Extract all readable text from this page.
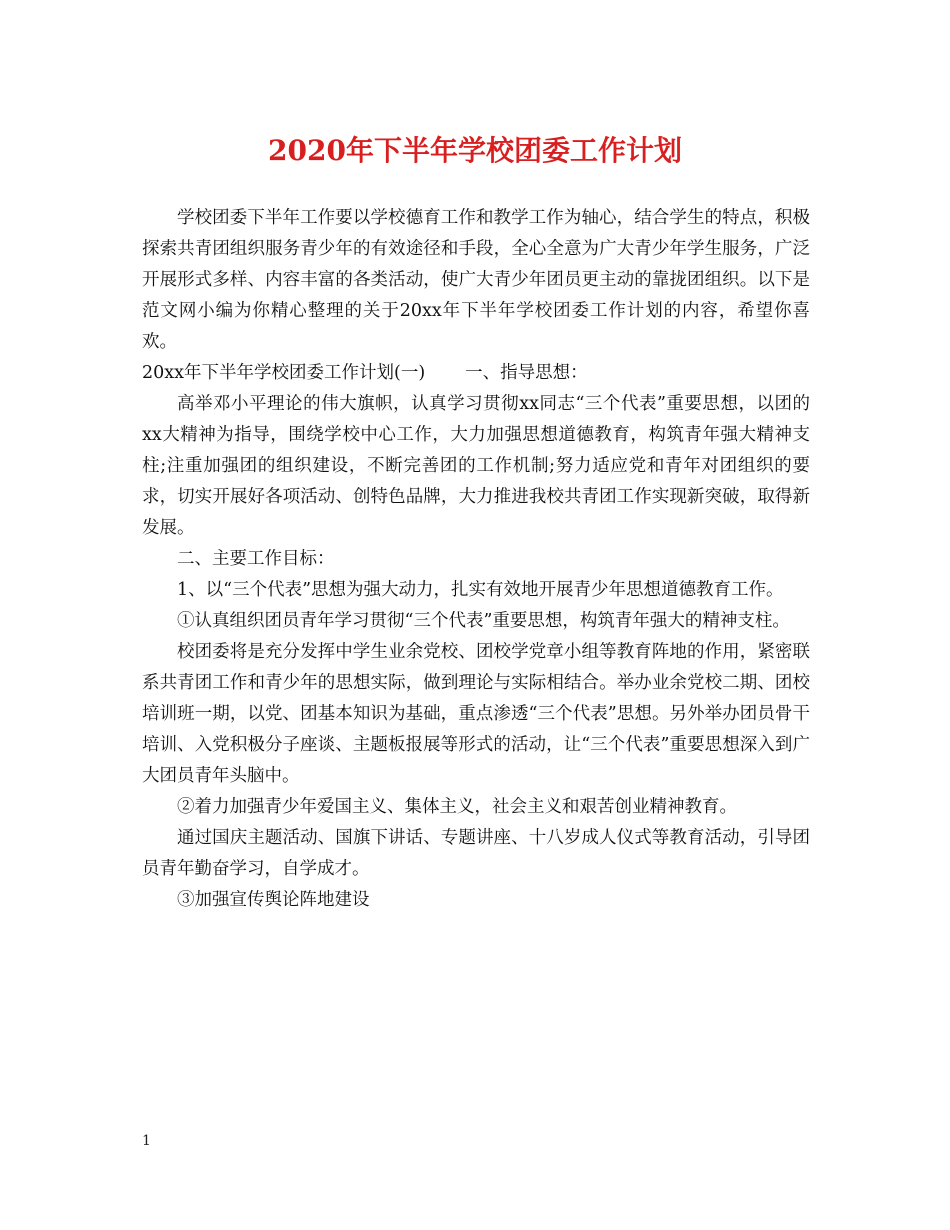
2020年下半年学校团委工作计划

学校团委下半年工作要以学校德育工作和教学工作为轴心，结合学生的特点，积极探索共青团组织服务青少年的有效途径和手段，全心全意为广大青少年学生服务，广泛开展形式多样、内容丰富的各类活动，使广大青少年团员更主动的靠拢团组织。以下是范文网小编为你精心整理的关于20xx年下半年学校团委工作计划的内容，希望你喜欢。

20xx年下半年学校团委工作计划(一) 一、指导思想：

高举邓小平理论的伟大旗帜，认真学习贯彻xx同志“三个代表”重要思想，以团的xx大精神为指导，围绕学校中心工作，大力加强思想道德教育，构筑青年强大精神支柱;注重加强团的组织建设，不断完善团的工作机制;努力适应党和青年对团组织的要求，切实开展好各项活动、创特色品牌，大力推进我校共青团工作实现新突破，取得新发展。

二、主要工作目标：

1、以“三个代表”思想为强大动力，扎实有效地开展青少年思想道德教育工作。

①认真组织团员青年学习贯彻“三个代表”重要思想，构筑青年强大的精神支柱。

校团委将是充分发挥中学生业余党校、团校学党章小组等教育阵地的作用，紧密联系共青团工作和青少年的思想实际，做到理论与实际相结合。举办业余党校二期、团校培训班一期，以党、团基本知识为基础，重点渗透“三个代表”思想。另外举办团员骨干培训、入党积极分子座谈、主题板报展等形式的活动，让“三个代表”重要思想深入到广大团员青年头脑中。

②着力加强青少年爱国主义、集体主义，社会主义和艰苦创业精神教育。

通过国庆主题活动、国旗下讲话、专题讲座、十八岁成人仪式等教育活动，引导团员青年勤奋学习，自学成才。

③加强宣传舆论阵地建设

1
